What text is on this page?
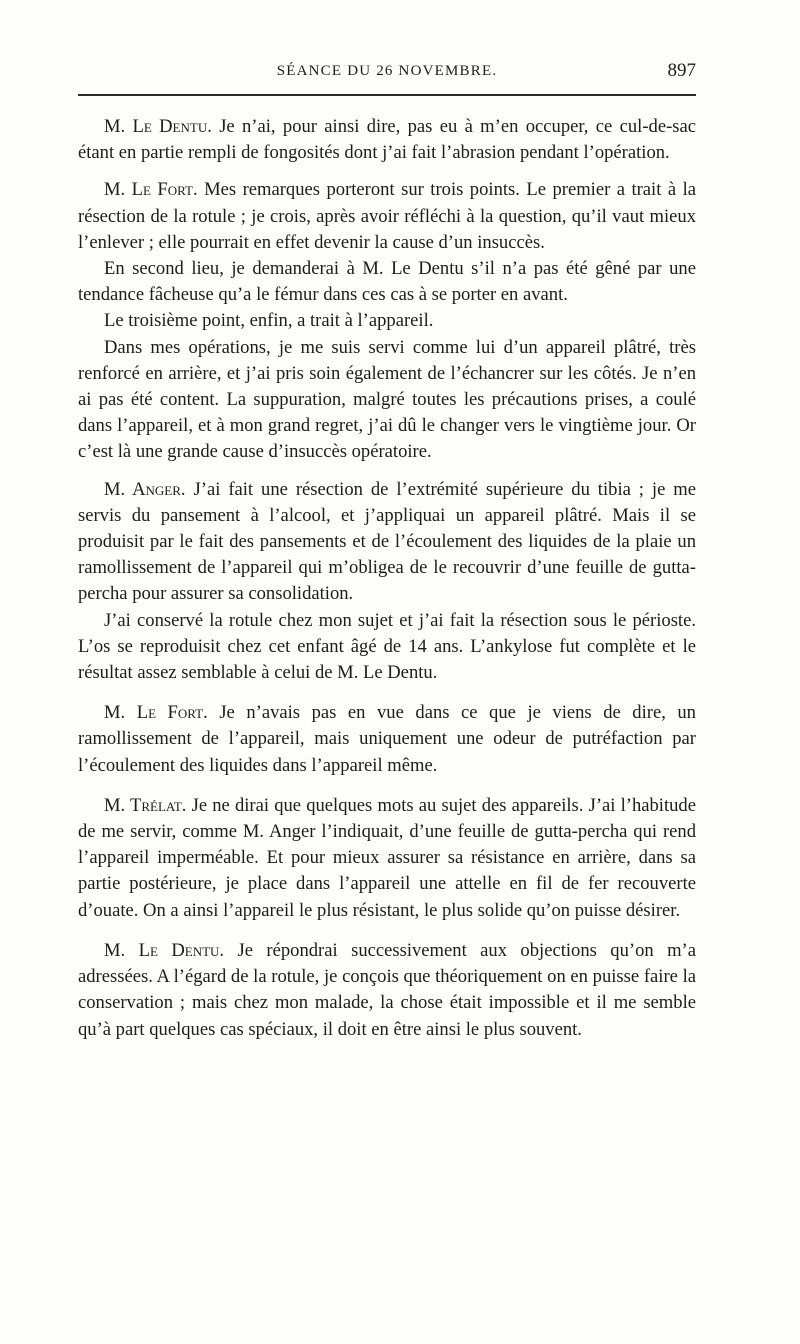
SÉANCE DU 26 NOVEMBRE.	897

M. Le Dentu. Je n’ai, pour ainsi dire, pas eu à m’en occuper, ce cul-de-sac étant en partie rempli de fongosités dont j’ai fait l’abrasion pendant l’opération.

M. Le Fort. Mes remarques porteront sur trois points. Le premier a trait à la résection de la rotule ; je crois, après avoir réfléchi à la question, qu’il vaut mieux l’enlever ; elle pourrait en effet devenir la cause d’un insuccès.

En second lieu, je demanderai à M. Le Dentu s’il n’a pas été gêné par une tendance fâcheuse qu’a le fémur dans ces cas à se porter en avant.

Le troisième point, enfin, a trait à l’appareil.

Dans mes opérations, je me suis servi comme lui d’un appareil plâtré, très renforcé en arrière, et j’ai pris soin également de l’échancrer sur les côtés. Je n’en ai pas été content. La suppuration, malgré toutes les précautions prises, a coulé dans l’appareil, et à mon grand regret, j’ai dû le changer vers le vingtième jour. Or c’est là une grande cause d’insuccès opératoire.

M. Anger. J’ai fait une résection de l’extrémité supérieure du tibia ; je me servis du pansement à l’alcool, et j’appliquai un appareil plâtré. Mais il se produisit par le fait des pansements et de l’écoulement des liquides de la plaie un ramollissement de l’appareil qui m’obligea de le recouvrir d’une feuille de gutta-percha pour assurer sa consolidation.

J’ai conservé la rotule chez mon sujet et j’ai fait la résection sous le périoste. L’os se reproduisit chez cet enfant âgé de 14 ans. L’ankylose fut complète et le résultat assez semblable à celui de M. Le Dentu.

M. Le Fort. Je n’avais pas en vue dans ce que je viens de dire, un ramollissement de l’appareil, mais uniquement une odeur de putréfaction par l’écoulement des liquides dans l’appareil même.

M. Trélat. Je ne dirai que quelques mots au sujet des appareils. J’ai l’habitude de me servir, comme M. Anger l’indiquait, d’une feuille de gutta-percha qui rend l’appareil imperméable. Et pour mieux assurer sa résistance en arrière, dans sa partie postérieure, je place dans l’appareil une attelle en fil de fer recouverte d’ouate. On a ainsi l’appareil le plus résistant, le plus solide qu’on puisse désirer.

M. Le Dentu. Je répondrai successivement aux objections qu’on m’a adressées. A l’égard de la rotule, je conçois que théoriquement on en puisse faire la conservation ; mais chez mon malade, la chose était impossible et il me semble qu’à part quelques cas spéciaux, il doit en être ainsi le plus souvent.
